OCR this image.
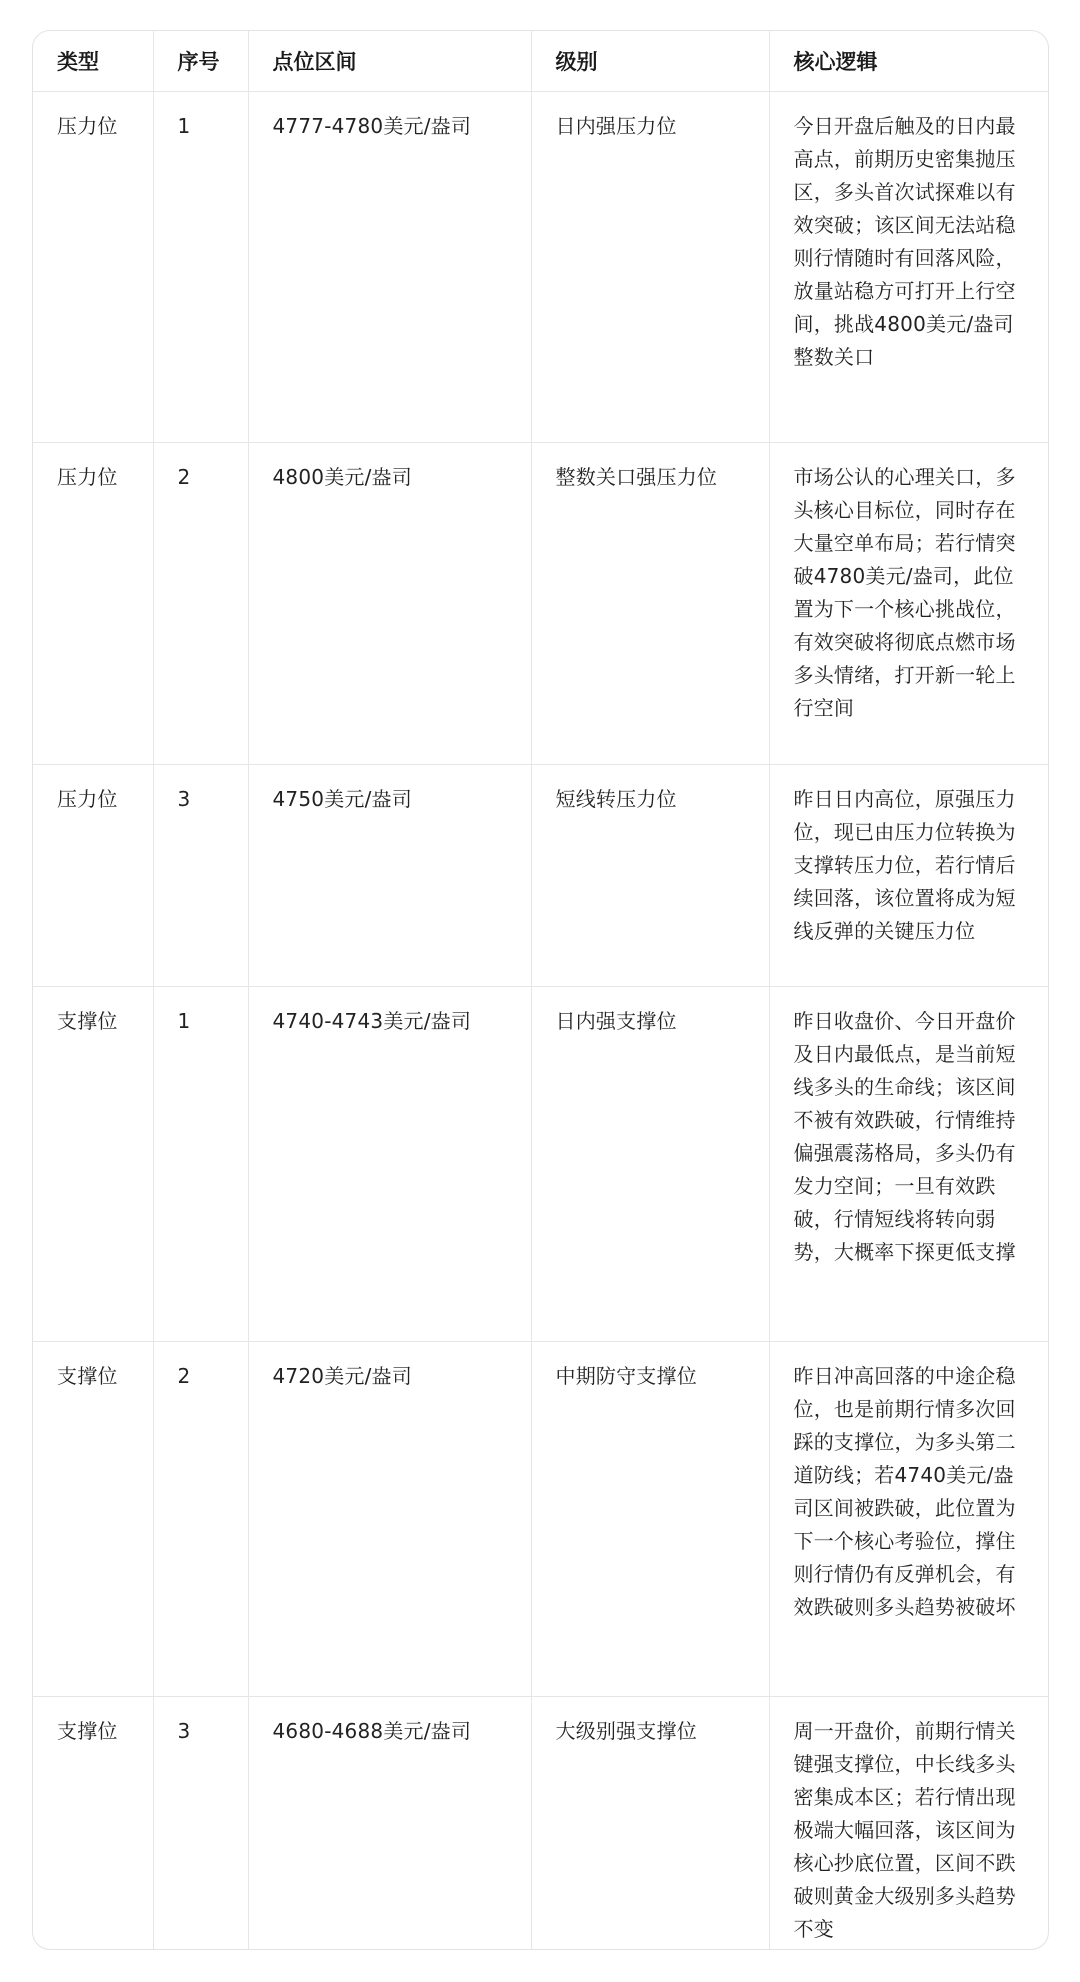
类型	序号	点位区间	级别	核心逻辑
压力位	1	4777-4780美元/盎司	日内强压力位	今日开盘后触及的日内最高点，前期历史密集抛压区，多头首次试探难以有效突破；该区间无法站稳则行情随时有回落风险，放量站稳方可打开上行空间，挑战4800美元/盎司整数关口
压力位	2	4800美元/盎司	整数关口强压力位	市场公认的心理关口，多头核心目标位，同时存在大量空单布局；若行情突破4780美元/盎司，此位置为下一个核心挑战位，有效突破将彻底点燃市场多头情绪，打开新一轮上行空间
压力位	3	4750美元/盎司	短线转压力位	昨日日内高位，原强压力位，现已由压力位转换为支撑转压力位，若行情后续回落，该位置将成为短线反弹的关键压力位
支撑位	1	4740-4743美元/盎司	日内强支撑位	昨日收盘价、今日开盘价及日内最低点，是当前短线多头的生命线；该区间不被有效跌破，行情维持偏强震荡格局，多头仍有发力空间；一旦有效跌破，行情短线将转向弱势，大概率下探更低支撑
支撑位	2	4720美元/盎司	中期防守支撑位	昨日冲高回落的中途企稳位，也是前期行情多次回踩的支撑位，为多头第二道防线；若4740美元/盎司区间被跌破，此位置为下一个核心考验位，撑住则行情仍有反弹机会，有效跌破则多头趋势被破坏
支撑位	3	4680-4688美元/盎司	大级别强支撑位	周一开盘价，前期行情关键强支撑位，中长线多头密集成本区；若行情出现极端大幅回落，该区间为核心抄底位置，区间不跌破则黄金大级别多头趋势不变
